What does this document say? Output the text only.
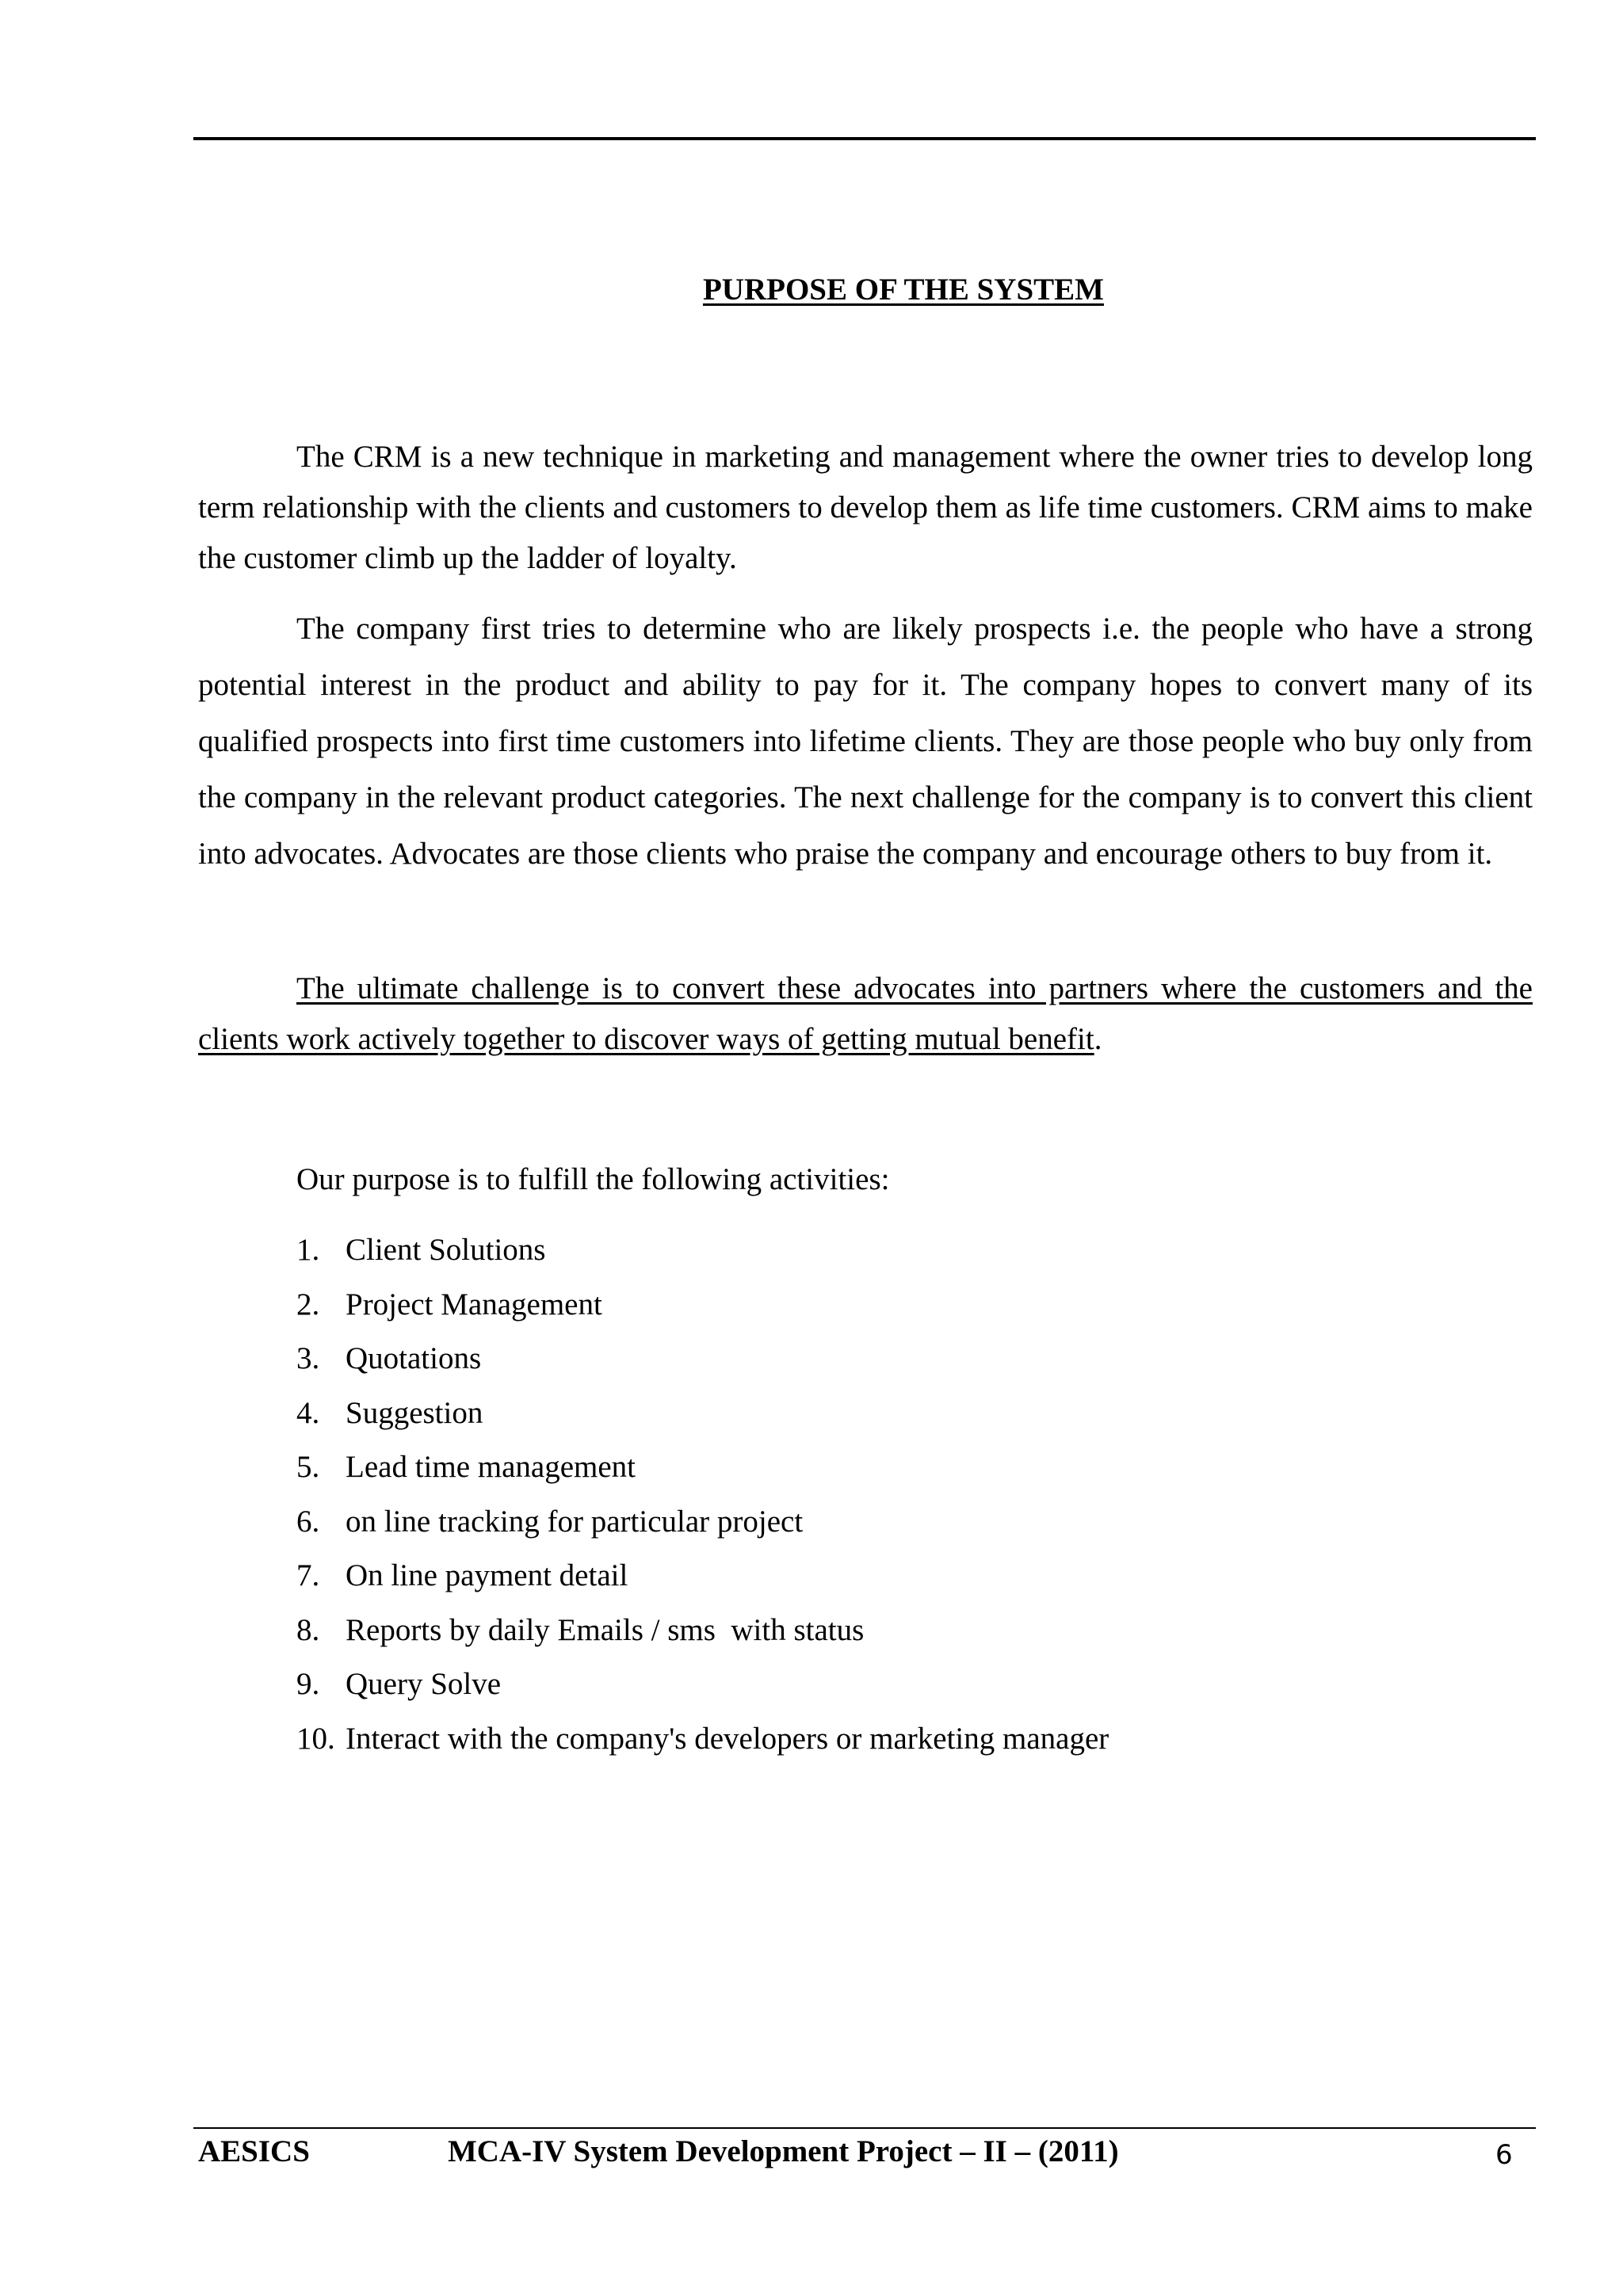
PURPOSE OF THE SYSTEM

The CRM is a new technique in marketing and management where the owner tries to develop long term relationship with the clients and customers to develop them as life time customers. CRM aims to make the customer climb up the ladder of loyalty.

The company first tries to determine who are likely prospects i.e. the people who have a strong potential interest in the product and ability to pay for it. The company hopes to convert many of its qualified prospects into first time customers into lifetime clients. They are those people who buy only from the company in the relevant product categories. The next challenge for the company is to convert this client into advocates. Advocates are those clients who praise the company and encourage others to buy from it.

The ultimate challenge is to convert these advocates into partners where the customers and the clients work actively together to discover ways of getting mutual benefit.

Our purpose is to fulfill the following activities:

1. Client Solutions
2. Project Management
3. Quotations
4. Suggestion
5. Lead time management
6. on line tracking for particular project
7. On line payment detail
8. Reports by daily Emails / sms  with status
9. Query Solve
10. Interact with the company's developers or marketing manager
AESICS	MCA-IV System Development Project – II – (2011)	6
